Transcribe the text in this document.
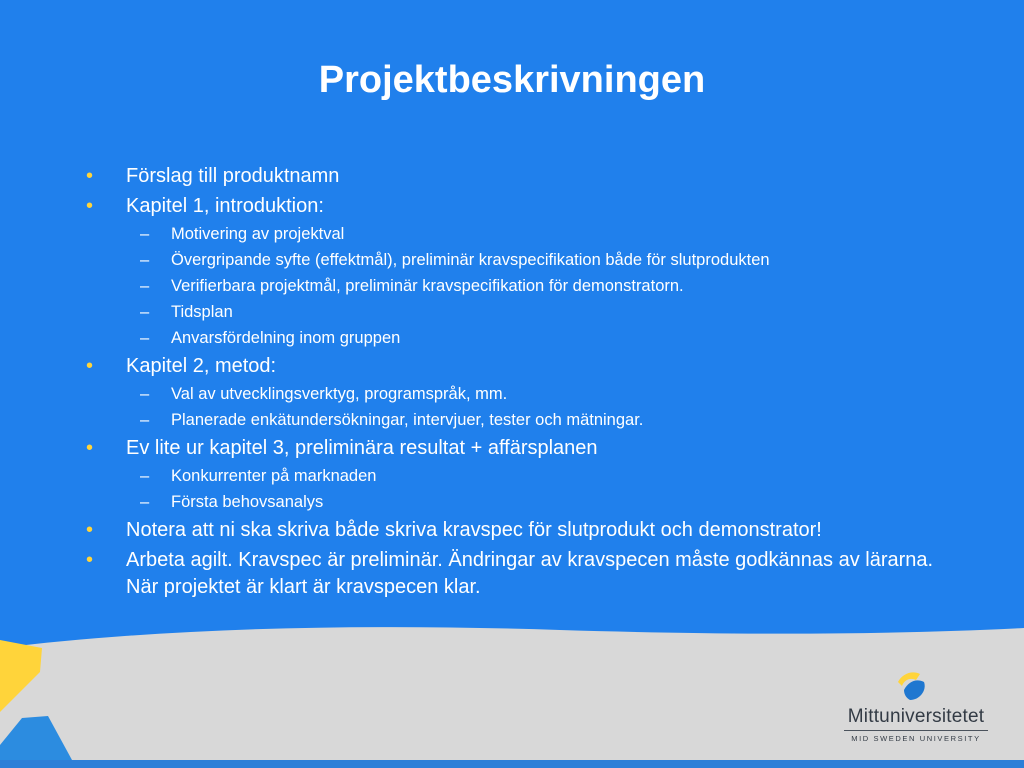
Projektbeskrivningen
• Förslag till produktnamn
• Kapitel 1, introduktion:
– Motivering av projektval
– Övergripande syfte (effektmål), preliminär kravspecifikation både för slutprodukten
– Verifierbara projektmål, preliminär kravspecifikation för demonstratorn.
– Tidsplan
– Anvarsfördelning inom gruppen
• Kapitel 2, metod:
– Val av utvecklingsverktyg, programspråk, mm.
– Planerade enkätundersökningar, intervjuer, tester och mätningar.
• Ev lite ur kapitel 3, preliminära resultat + affärsplanen
– Konkurrenter på marknaden
– Första behovsanalys
• Notera att ni ska skriva både skriva kravspec för slutprodukt och demonstrator!
• Arbeta agilt. Kravspec är preliminär. Ändringar av kravspecen måste godkännas av lärarna. När projektet är klart är kravspecen klar.
Mittuniversitetet
MID SWEDEN UNIVERSITY
